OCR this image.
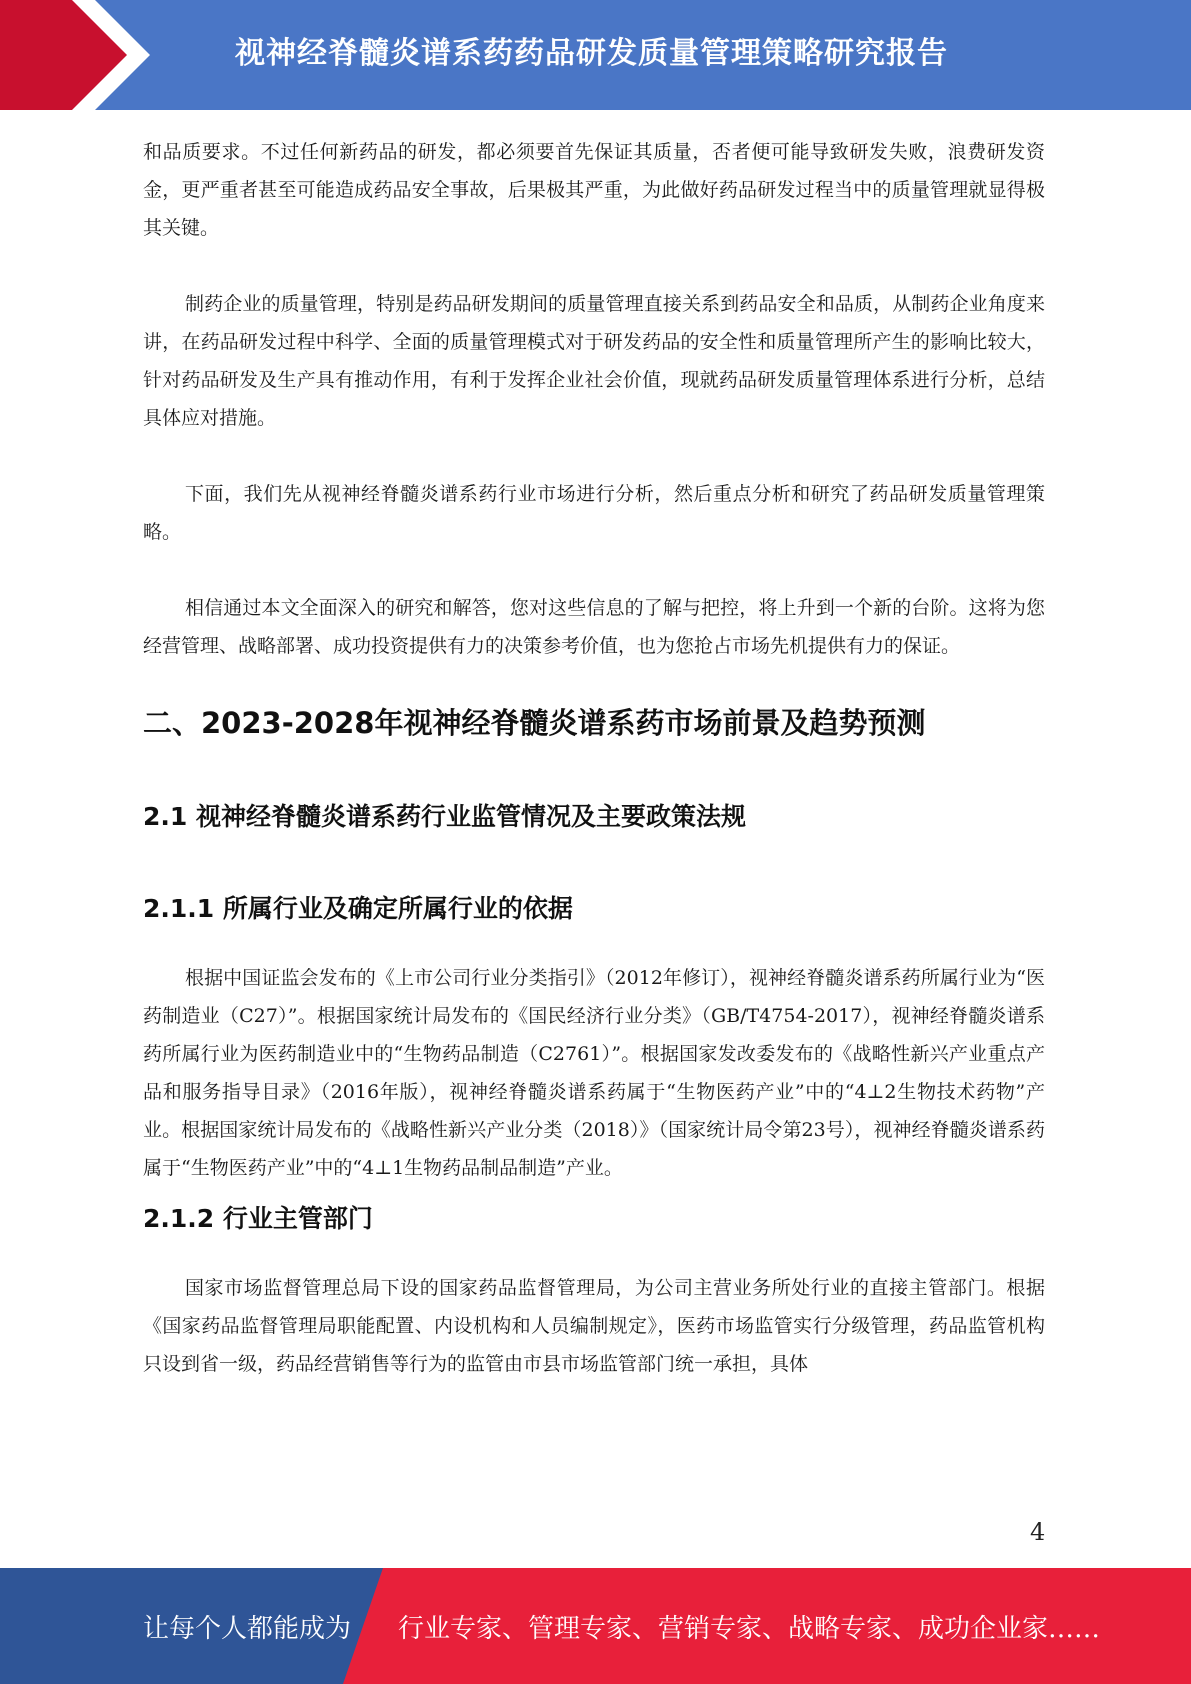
视神经脊髓炎谱系药药品研发质量管理策略研究报告

和品质要求。不过任何新药品的研发，都必须要首先保证其质量，否者便可能导致研发失败，浪费研发资金，更严重者甚至可能造成药品安全事故，后果极其严重，为此做好药品研发过程当中的质量管理就显得极其关键。

制药企业的质量管理，特别是药品研发期间的质量管理直接关系到药品安全和品质，从制药企业角度来讲，在药品研发过程中科学、全面的质量管理模式对于研发药品的安全性和质量管理所产生的影响比较大，针对药品研发及生产具有推动作用，有利于发挥企业社会价值，现就药品研发质量管理体系进行分析，总结具体应对措施。

下面，我们先从视神经脊髓炎谱系药行业市场进行分析，然后重点分析和研究了药品研发质量管理策略。

相信通过本文全面深入的研究和解答，您对这些信息的了解与把控，将上升到一个新的台阶。这将为您经营管理、战略部署、成功投资提供有力的决策参考价值，也为您抢占市场先机提供有力的保证。

二、2023-2028年视神经脊髓炎谱系药市场前景及趋势预测
2.1 视神经脊髓炎谱系药行业监管情况及主要政策法规
2.1.1 所属行业及确定所属行业的依据

根据中国证监会发布的《上市公司行业分类指引》（2012年修订），视神经脊髓炎谱系药所属行业为“医药制造业（C27）”。根据国家统计局发布的《国民经济行业分类》（GB/T4754-2017），视神经脊髓炎谱系药所属行业为医药制造业中的“生物药品制造（C2761）”。根据国家发改委发布的《战略性新兴产业重点产品和服务指导目录》（2016年版），视神经脊髓炎谱系药属于“生物医药产业”中的“4⊥2生物技术药物”产业。根据国家统计局发布的《战略性新兴产业分类（2018）》（国家统计局令第23号），视神经脊髓炎谱系药属于“生物医药产业”中的“4⊥1生物药品制品制造”产业。

2.1.2 行业主管部门

国家市场监督管理总局下设的国家药品监督管理局，为公司主营业务所处行业的直接主管部门。根据《国家药品监督管理局职能配置、内设机构和人员编制规定》，医药市场监管实行分级管理，药品监管机构只设到省一级，药品经营销售等行为的监管由市县市场监管部门统一承担，具体

4
让每个人都能成为 行业专家、管理专家、营销专家、战略专家、成功企业家……
